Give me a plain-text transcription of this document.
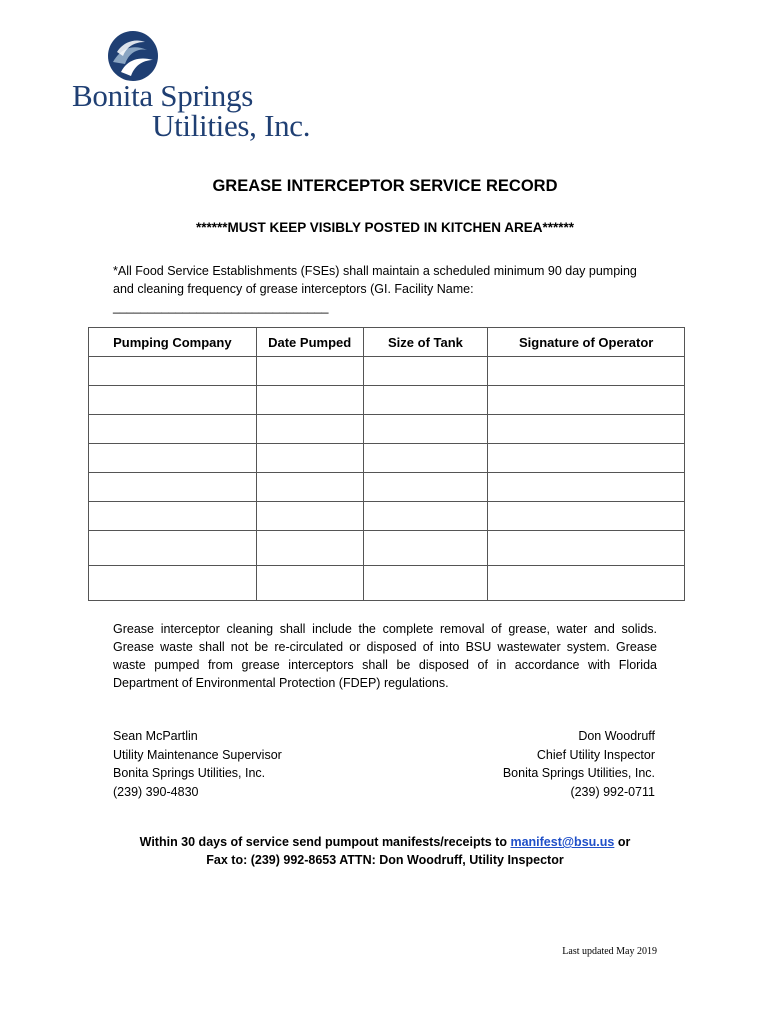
Bonita Springs
Utilities, Inc.
GREASE INTERCEPTOR SERVICE RECORD
******MUST KEEP VISIBLY POSTED IN KITCHEN AREA******
*All Food Service Establishments (FSEs) shall maintain a scheduled minimum 90 day pumping and cleaning frequency of grease interceptors (GI. Facility Name: _______________________________
Pumping Company	Date Pumped	Size of Tank	Signature of Operator

Grease interceptor cleaning shall include the complete removal of grease, water and solids. Grease waste shall not be re-circulated or disposed of into BSU wastewater system. Grease waste pumped from grease interceptors shall be disposed of in accordance with Florida Department of Environmental Protection (FDEP) regulations.
Sean McPartlin
Utility Maintenance Supervisor
Bonita Springs Utilities, Inc.
(239) 390-4830
Don Woodruff
Chief Utility Inspector
Bonita Springs Utilities, Inc.
(239) 992-0711
Within 30 days of service send pumpout manifests/receipts to manifest@bsu.us or
Fax to: (239) 992-8653 ATTN: Don Woodruff, Utility Inspector
Last updated May 2019
